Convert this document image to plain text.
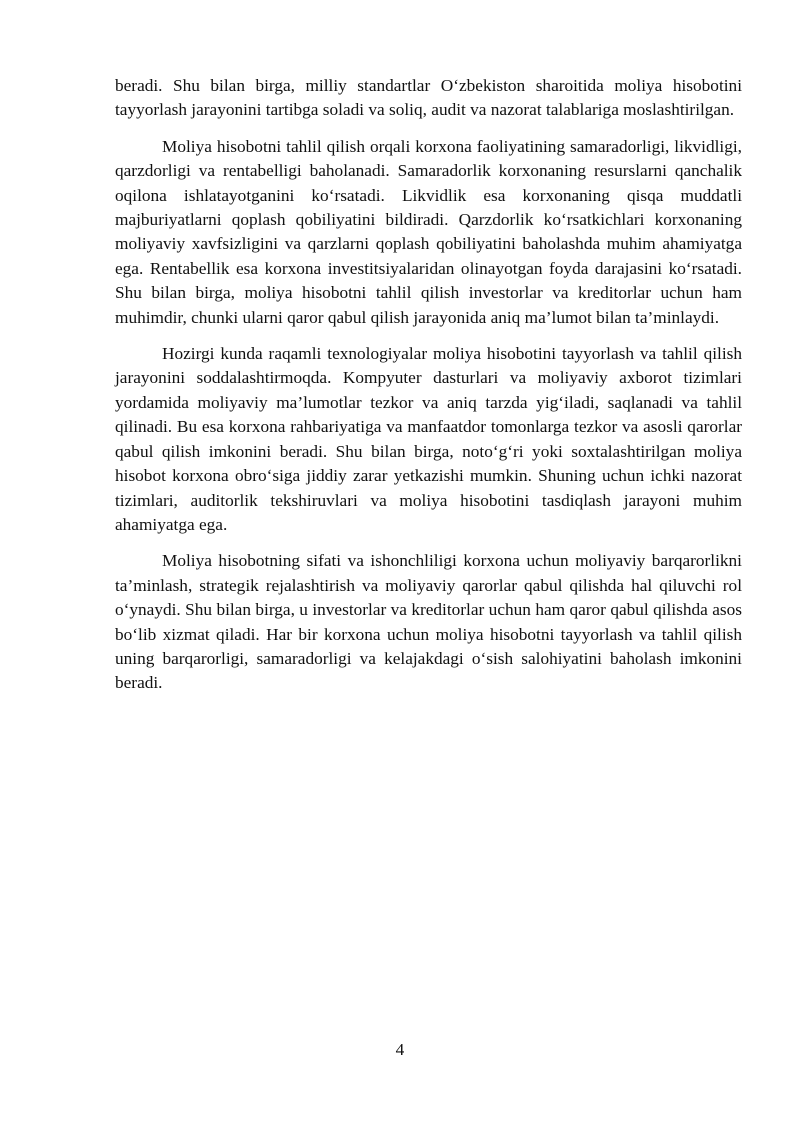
beradi. Shu bilan birga, milliy standartlar O‘zbekiston sharoitida moliya hisobotini tayyorlash jarayonini tartibga soladi va soliq, audit va nazorat talablariga moslashtirilgan.

Moliya hisobotni tahlil qilish orqali korxona faoliyatining samaradorligi, likvidligi, qarzdorligi va rentabelligi baholanadi. Samaradorlik korxonaning resurslarni qanchalik oqilona ishlatayotganini ko‘rsatadi. Likvidlik esa korxonaning qisqa muddatli majburiyatlarni qoplash qobiliyatini bildiradi. Qarzdorlik ko‘rsatkichlari korxonaning moliyaviy xavfsizligini va qarzlarni qoplash qobiliyatini baholashda muhim ahamiyatga ega. Rentabellik esa korxona investitsiyalaridan olinayotgan foyda darajasini ko‘rsatadi. Shu bilan birga, moliya hisobotni tahlil qilish investorlar va kreditorlar uchun ham muhimdir, chunki ularni qaror qabul qilish jarayonida aniq ma’lumot bilan ta’minlaydi.

Hozirgi kunda raqamli texnologiyalar moliya hisobotini tayyorlash va tahlil qilish jarayonini soddalashtirmoqda. Kompyuter dasturlari va moliyaviy axborot tizimlari yordamida moliyaviy ma’lumotlar tezkor va aniq tarzda yig‘iladi, saqlanadi va tahlil qilinadi. Bu esa korxona rahbariyatiga va manfaatdor tomonlarga tezkor va asosli qarorlar qabul qilish imkonini beradi. Shu bilan birga, noto‘g‘ri yoki soxtalashtirilgan moliya hisobot korxona obro‘siga jiddiy zarar yetkazishi mumkin. Shuning uchun ichki nazorat tizimlari, auditorlik tekshiruvlari va moliya hisobotini tasdiqlash jarayoni muhim ahamiyatga ega.

Moliya hisobotning sifati va ishonchliligi korxona uchun moliyaviy barqarorlikni ta’minlash, strategik rejalashtirish va moliyaviy qarorlar qabul qilishda hal qiluvchi rol o‘ynaydi. Shu bilan birga, u investorlar va kreditorlar uchun ham qaror qabul qilishda asos bo‘lib xizmat qiladi. Har bir korxona uchun moliya hisobotni tayyorlash va tahlil qilish uning barqarorligi, samaradorligi va kelajakdagi o‘sish salohiyatini baholash imkonini beradi.

4
